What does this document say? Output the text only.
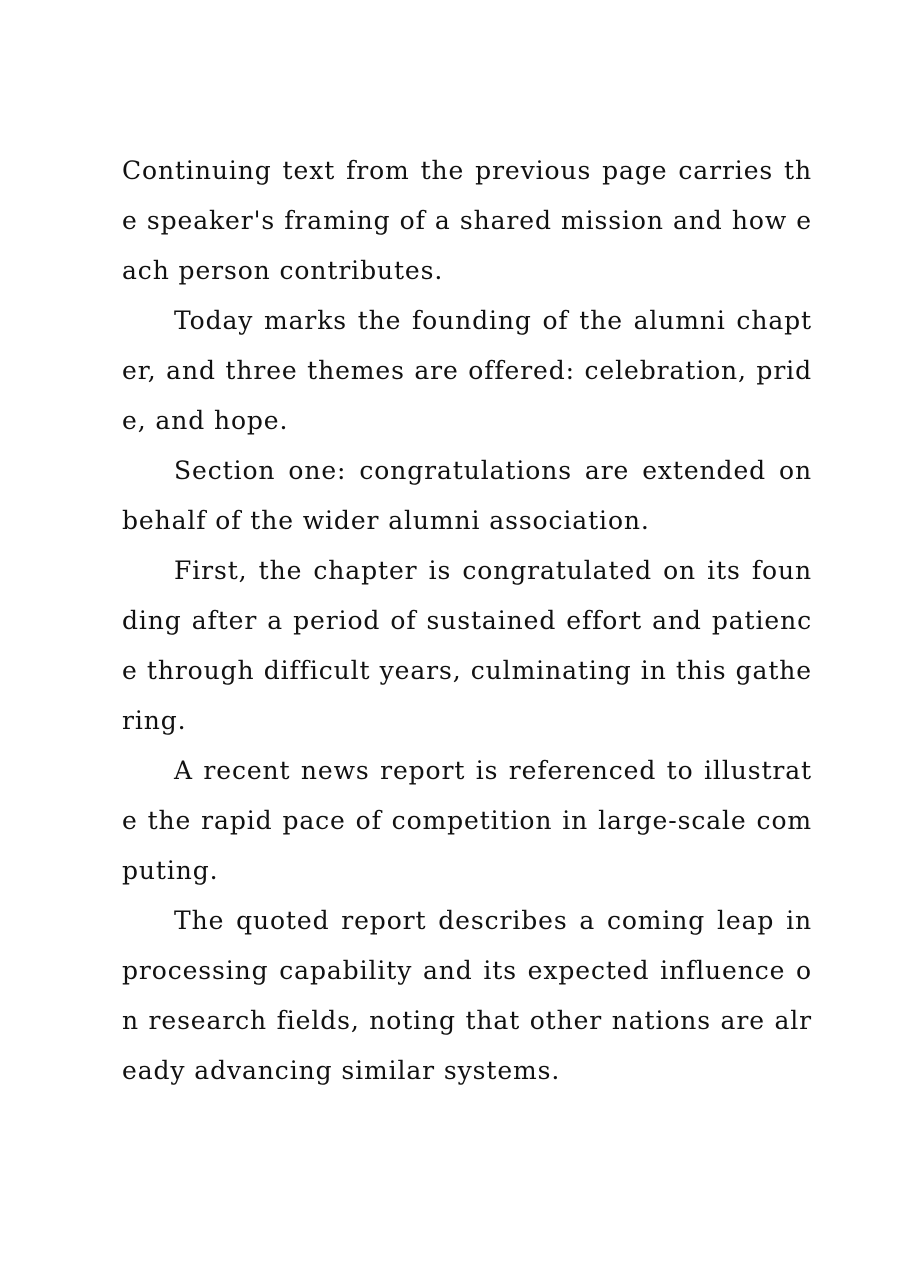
Continuing text from the previous page carries the speaker's framing of a shared mission and how each person contributes.

Today marks the founding of the alumni chapter, and three themes are offered: celebration, pride, and hope.

Section one: congratulations are extended on behalf of the wider alumni association.

First, the chapter is congratulated on its founding after a period of sustained effort and patience through difficult years, culminating in this gathering.

A recent news report is referenced to illustrate the rapid pace of competition in large-scale computing.

The quoted report describes a coming leap in processing capability and its expected influence on research fields, noting that other nations are already advancing similar systems.
